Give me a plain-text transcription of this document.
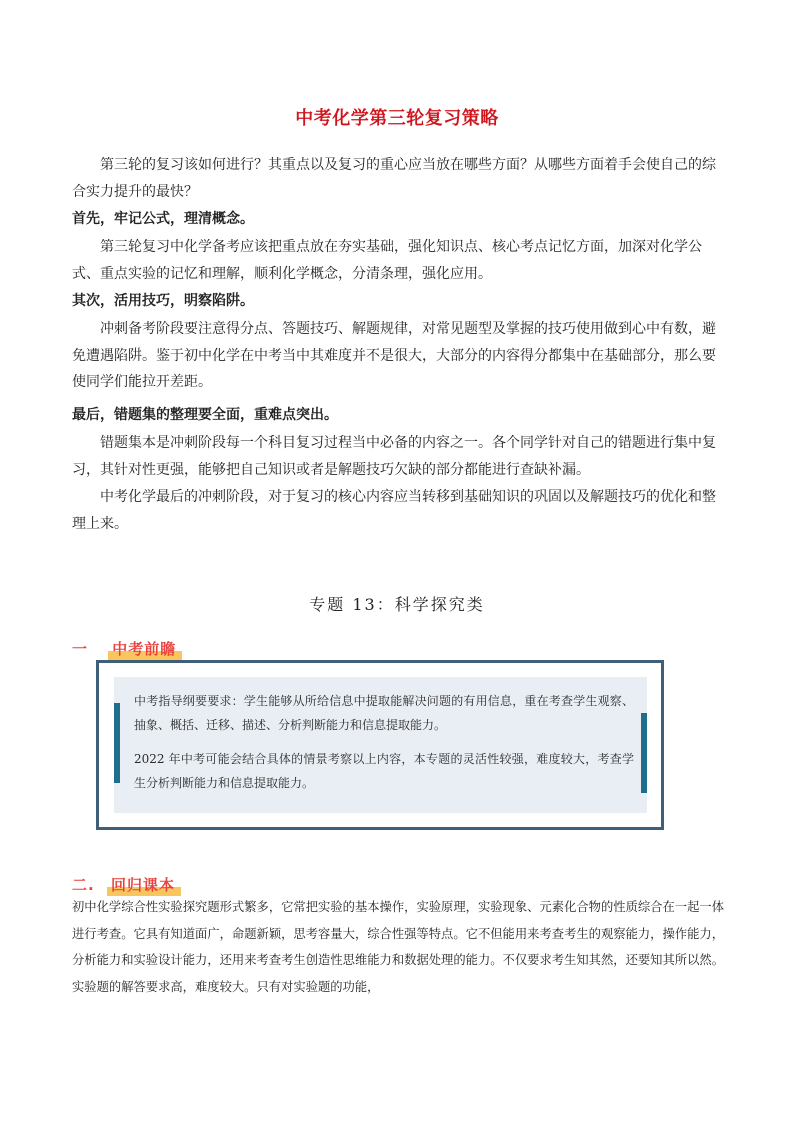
中考化学第三轮复习策略
第三轮的复习该如何进行？其重点以及复习的重心应当放在哪些方面？从哪些方面着手会使自己的综合实力提升的最快？
首先，牢记公式，理清概念。
第三轮复习中化学备考应该把重点放在夯实基础，强化知识点、核心考点记忆方面，加深对化学公式、重点实验的记忆和理解，顺利化学概念，分清条理，强化应用。
其次，活用技巧，明察陷阱。
冲刺备考阶段要注意得分点、答题技巧、解题规律，对常见题型及掌握的技巧使用做到心中有数，避免遭遇陷阱。鉴于初中化学在中考当中其难度并不是很大，大部分的内容得分都集中在基础部分，那么要使同学们能拉开差距。
最后，错题集的整理要全面，重难点突出。
错题集本是冲刺阶段每一个科目复习过程当中必备的内容之一。各个同学针对自己的错题进行集中复习，其针对性更强，能够把自己知识或者是解题技巧欠缺的部分都能进行查缺补漏。
中考化学最后的冲刺阶段，对于复习的核心内容应当转移到基础知识的巩固以及解题技巧的优化和整理上来。
专题 13：科学探究类
一 中考前瞻

中考指导纲要要求：学生能够从所给信息中提取能解决问题的有用信息，重在考查学生观察、抽象、概括、迁移、描述、分析判断能力和信息提取能力。

2022 年中考可能会结合具体的情景考察以上内容，本专题的灵活性较强，难度较大，考查学生分析判断能力和信息提取能力。

二. 回归课本
初中化学综合性实验探究题形式繁多，它常把实验的基本操作，实验原理，实验现象、元素化合物的性质综合在一起一体进行考查。它具有知道面广，命题新颖，思考容量大，综合性强等特点。它不但能用来考查考生的观察能力，操作能力，分析能力和实验设计能力，还用来考查考生创造性思维能力和数据处理的能力。不仅要求考生知其然，还要知其所以然。实验题的解答要求高，难度较大。只有对实验题的功能，
